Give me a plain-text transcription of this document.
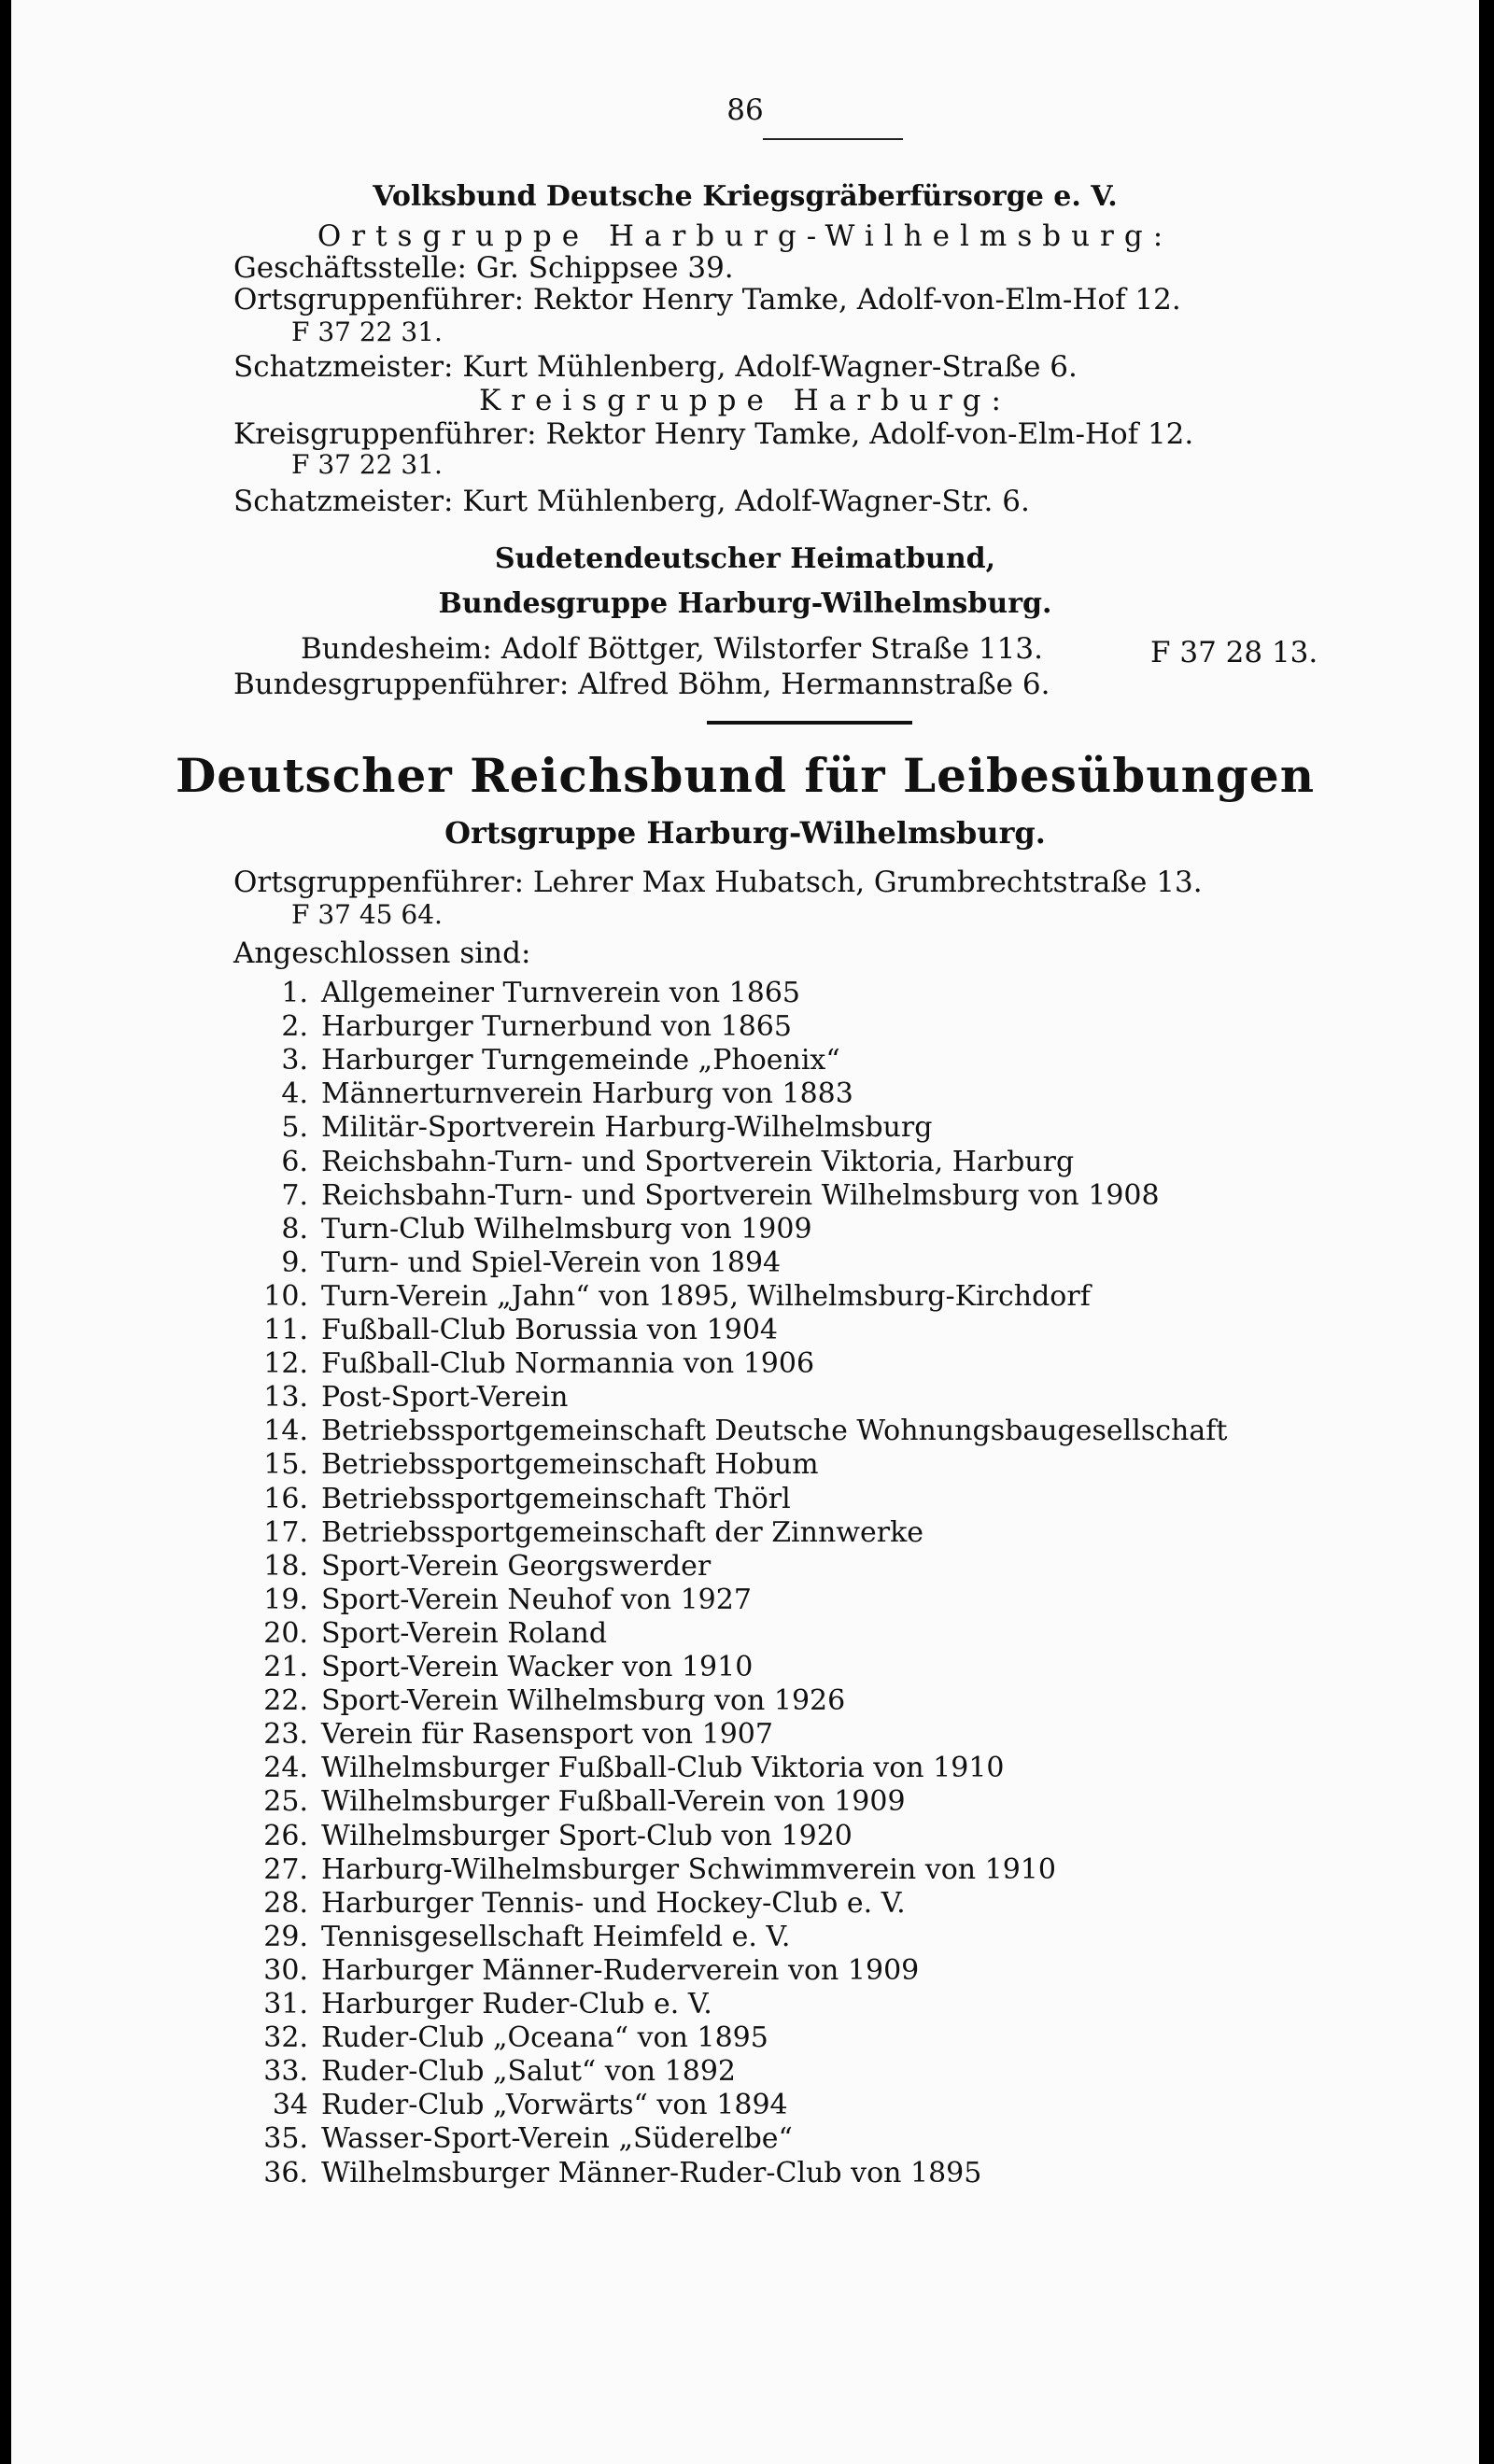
86
Volksbund Deutsche Kriegsgräberfürsorge e. V.
Ortsgruppe Harburg-Wilhelmsburg:
Geschäftsstelle: Gr. Schippsee 39.
Ortsgruppenführer: Rektor Henry Tamke, Adolf-von-Elm-Hof 12.
F 37 22 31.
Schatzmeister: Kurt Mühlenberg, Adolf-Wagner-Straße 6.
Kreisgruppe Harburg:
Kreisgruppenführer: Rektor Henry Tamke, Adolf-von-Elm-Hof 12.
F 37 22 31.
Schatzmeister: Kurt Mühlenberg, Adolf-Wagner-Str. 6.
Sudetendeutscher Heimatbund,
Bundesgruppe Harburg-Wilhelmsburg.
Bundesheim: Adolf Böttger, Wilstorfer Straße 113.	F 37 28 13.
Bundesgruppenführer: Alfred Böhm, Hermannstraße 6.
Deutscher Reichsbund für Leibesübungen
Ortsgruppe Harburg-Wilhelmsburg.
Ortsgruppenführer: Lehrer Max Hubatsch, Grumbrechtstraße 13.
F 37 45 64.
Angeschlossen sind:
1. Allgemeiner Turnverein von 1865
2. Harburger Turnerbund von 1865
3. Harburger Turngemeinde „Phoenix“
4. Männerturnverein Harburg von 1883
5. Militär-Sportverein Harburg-Wilhelmsburg
6. Reichsbahn-Turn- und Sportverein Viktoria, Harburg
7. Reichsbahn-Turn- und Sportverein Wilhelmsburg von 1908
8. Turn-Club Wilhelmsburg von 1909
9. Turn- und Spiel-Verein von 1894
10. Turn-Verein „Jahn“ von 1895, Wilhelmsburg-Kirchdorf
11. Fußball-Club Borussia von 1904
12. Fußball-Club Normannia von 1906
13. Post-Sport-Verein
14. Betriebssportgemeinschaft Deutsche Wohnungsbaugesellschaft
15. Betriebssportgemeinschaft Hobum
16. Betriebssportgemeinschaft Thörl
17. Betriebssportgemeinschaft der Zinnwerke
18. Sport-Verein Georgswerder
19. Sport-Verein Neuhof von 1927
20. Sport-Verein Roland
21. Sport-Verein Wacker von 1910
22. Sport-Verein Wilhelmsburg von 1926
23. Verein für Rasensport von 1907
24. Wilhelmsburger Fußball-Club Viktoria von 1910
25. Wilhelmsburger Fußball-Verein von 1909
26. Wilhelmsburger Sport-Club von 1920
27. Harburg-Wilhelmsburger Schwimmverein von 1910
28. Harburger Tennis- und Hockey-Club e. V.
29. Tennisgesellschaft Heimfeld e. V.
30. Harburger Männer-Ruderverein von 1909
31. Harburger Ruder-Club e. V.
32. Ruder-Club „Oceana“ von 1895
33. Ruder-Club „Salut“ von 1892
34 Ruder-Club „Vorwärts“ von 1894
35. Wasser-Sport-Verein „Süderelbe“
36. Wilhelmsburger Männer-Ruder-Club von 1895
